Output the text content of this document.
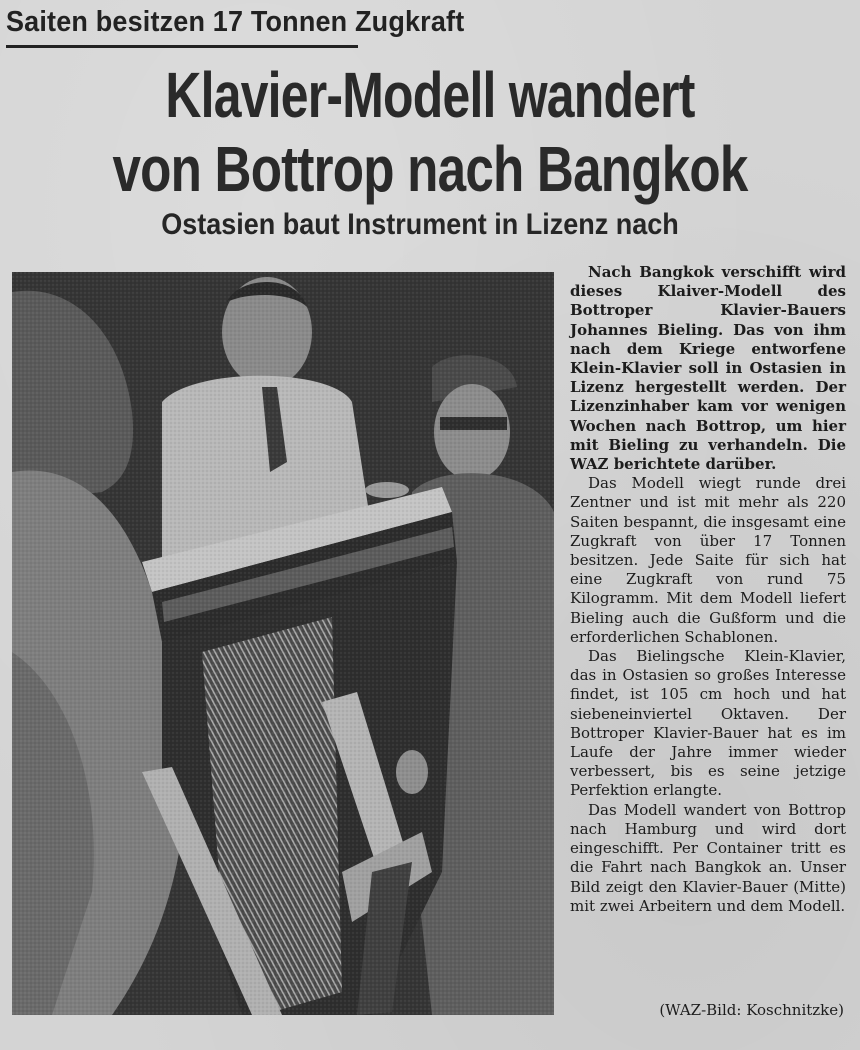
Saiten besitzen 17 Tonnen Zugkraft
Klavier-Modell wandert
von Bottrop nach Bangkok
Ostasien baut Instrument in Lizenz nach

Nach Bangkok verschifft wird dieses Klaiver-Modell des Bottroper Klavier-Bauers Johannes Bieling. Das von ihm nach dem Kriege entworfene Klein-Klavier soll in Ostasien in Lizenz hergestellt werden. Der Lizenzinhaber kam vor wenigen Wochen nach Bottrop, um hier mit Bieling zu verhandeln. Die WAZ berichtete darüber.

Das Modell wiegt runde drei Zentner und ist mit mehr als 220 Saiten bespannt, die insgesamt eine Zugkraft von über 17 Tonnen besitzen. Jede Saite für sich hat eine Zugkraft von rund 75 Kilogramm. Mit dem Modell liefert Bieling auch die Gußform und die erforderlichen Schablonen.

Das Bielingsche Klein-Klavier, das in Ostasien so großes Interesse findet, ist 105 cm hoch und hat siebeneinviertel Oktaven. Der Bottroper Klavier-Bauer hat es im Laufe der Jahre immer wieder verbessert, bis es seine jetzige Perfektion erlangte.

Das Modell wandert von Bottrop nach Hamburg und wird dort eingeschifft. Per Container tritt es die Fahrt nach Bangkok an. Unser Bild zeigt den Klavier-Bauer (Mitte) mit zwei Arbeitern und dem Modell.

(WAZ-Bild: Koschnitzke)
